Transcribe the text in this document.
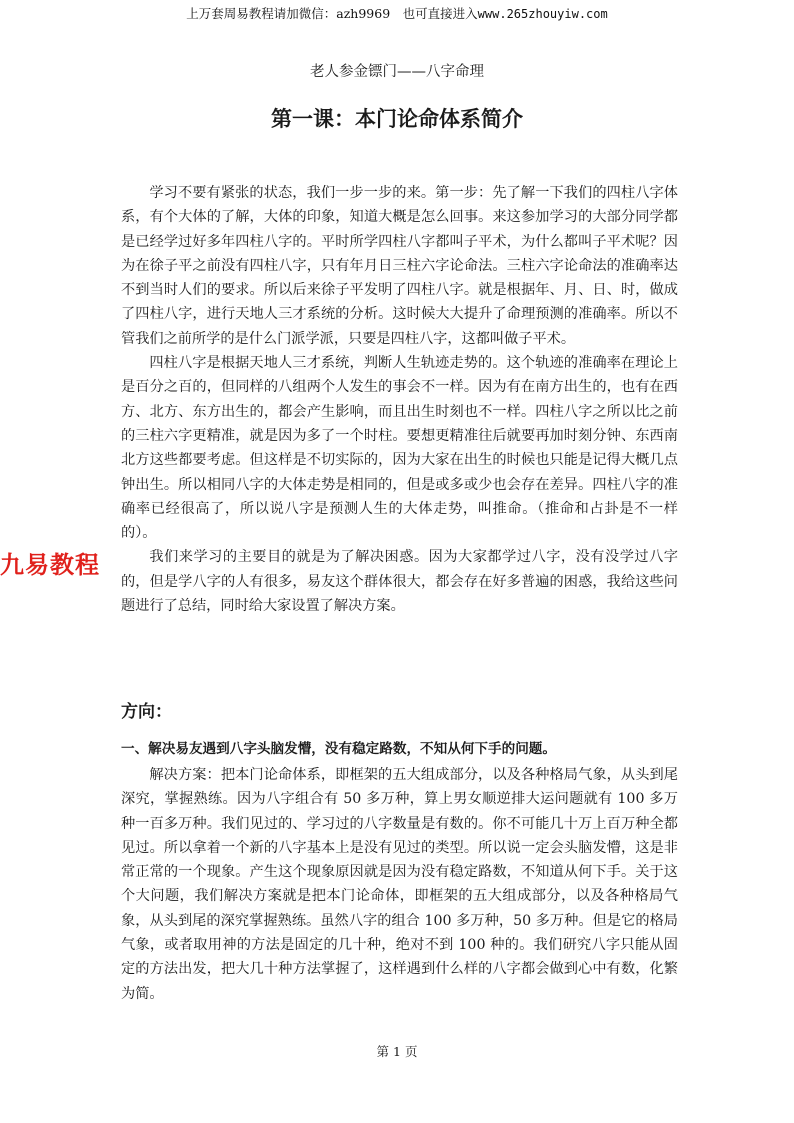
上万套周易教程请加微信：azh9969　也可直接进入www.265zhouyiw.com
老人参金镖门——八字命理
第一课：本门论命体系简介

学习不要有紧张的状态，我们一步一步的来。第一步：先了解一下我们的四柱八字体系，有个大体的了解，大体的印象，知道大概是怎么回事。来这参加学习的大部分同学都是已经学过好多年四柱八字的。平时所学四柱八字都叫子平术，为什么都叫子平术呢？因为在徐子平之前没有四柱八字，只有年月日三柱六字论命法。三柱六字论命法的准确率达不到当时人们的要求。所以后来徐子平发明了四柱八字。就是根据年、月、日、时，做成了四柱八字，进行天地人三才系统的分析。这时候大大提升了命理预测的准确率。所以不管我们之前所学的是什么门派学派，只要是四柱八字，这都叫做子平术。

四柱八字是根据天地人三才系统，判断人生轨迹走势的。这个轨迹的准确率在理论上是百分之百的，但同样的八组两个人发生的事会不一样。因为有在南方出生的，也有在西方、北方、东方出生的，都会产生影响，而且出生时刻也不一样。四柱八字之所以比之前的三柱六字更精准，就是因为多了一个时柱。要想更精准往后就要再加时刻分钟、东西南北方这些都要考虑。但这样是不切实际的，因为大家在出生的时候也只能是记得大概几点钟出生。所以相同八字的大体走势是相同的，但是或多或少也会存在差异。四柱八字的准确率已经很高了，所以说八字是预测人生的大体走势，叫推命。（推命和占卦是不一样的）。

我们来学习的主要目的就是为了解决困惑。因为大家都学过八字，没有没学过八字的，但是学八字的人有很多，易友这个群体很大，都会存在好多普遍的困惑，我给这些问题进行了总结，同时给大家设置了解决方案。

九易教程
方向：
一、解决易友遇到八字头脑发懵，没有稳定路数，不知从何下手的问题。

解决方案：把本门论命体系，即框架的五大组成部分，以及各种格局气象，从头到尾深究，掌握熟练。因为八字组合有 50 多万种，算上男女顺逆排大运问题就有 100 多万种一百多万种。我们见过的、学习过的八字数量是有数的。你不可能几十万上百万种全都见过。所以拿着一个新的八字基本上是没有见过的类型。所以说一定会头脑发懵，这是非常正常的一个现象。产生这个现象原因就是因为没有稳定路数，不知道从何下手。关于这个大问题，我们解决方案就是把本门论命体，即框架的五大组成部分，以及各种格局气象，从头到尾的深究掌握熟练。虽然八字的组合 100 多万种，50 多万种。但是它的格局气象，或者取用神的方法是固定的几十种，绝对不到 100 种的。我们研究八字只能从固定的方法出发，把大几十种方法掌握了，这样遇到什么样的八字都会做到心中有数，化繁为简。

第 1 页
